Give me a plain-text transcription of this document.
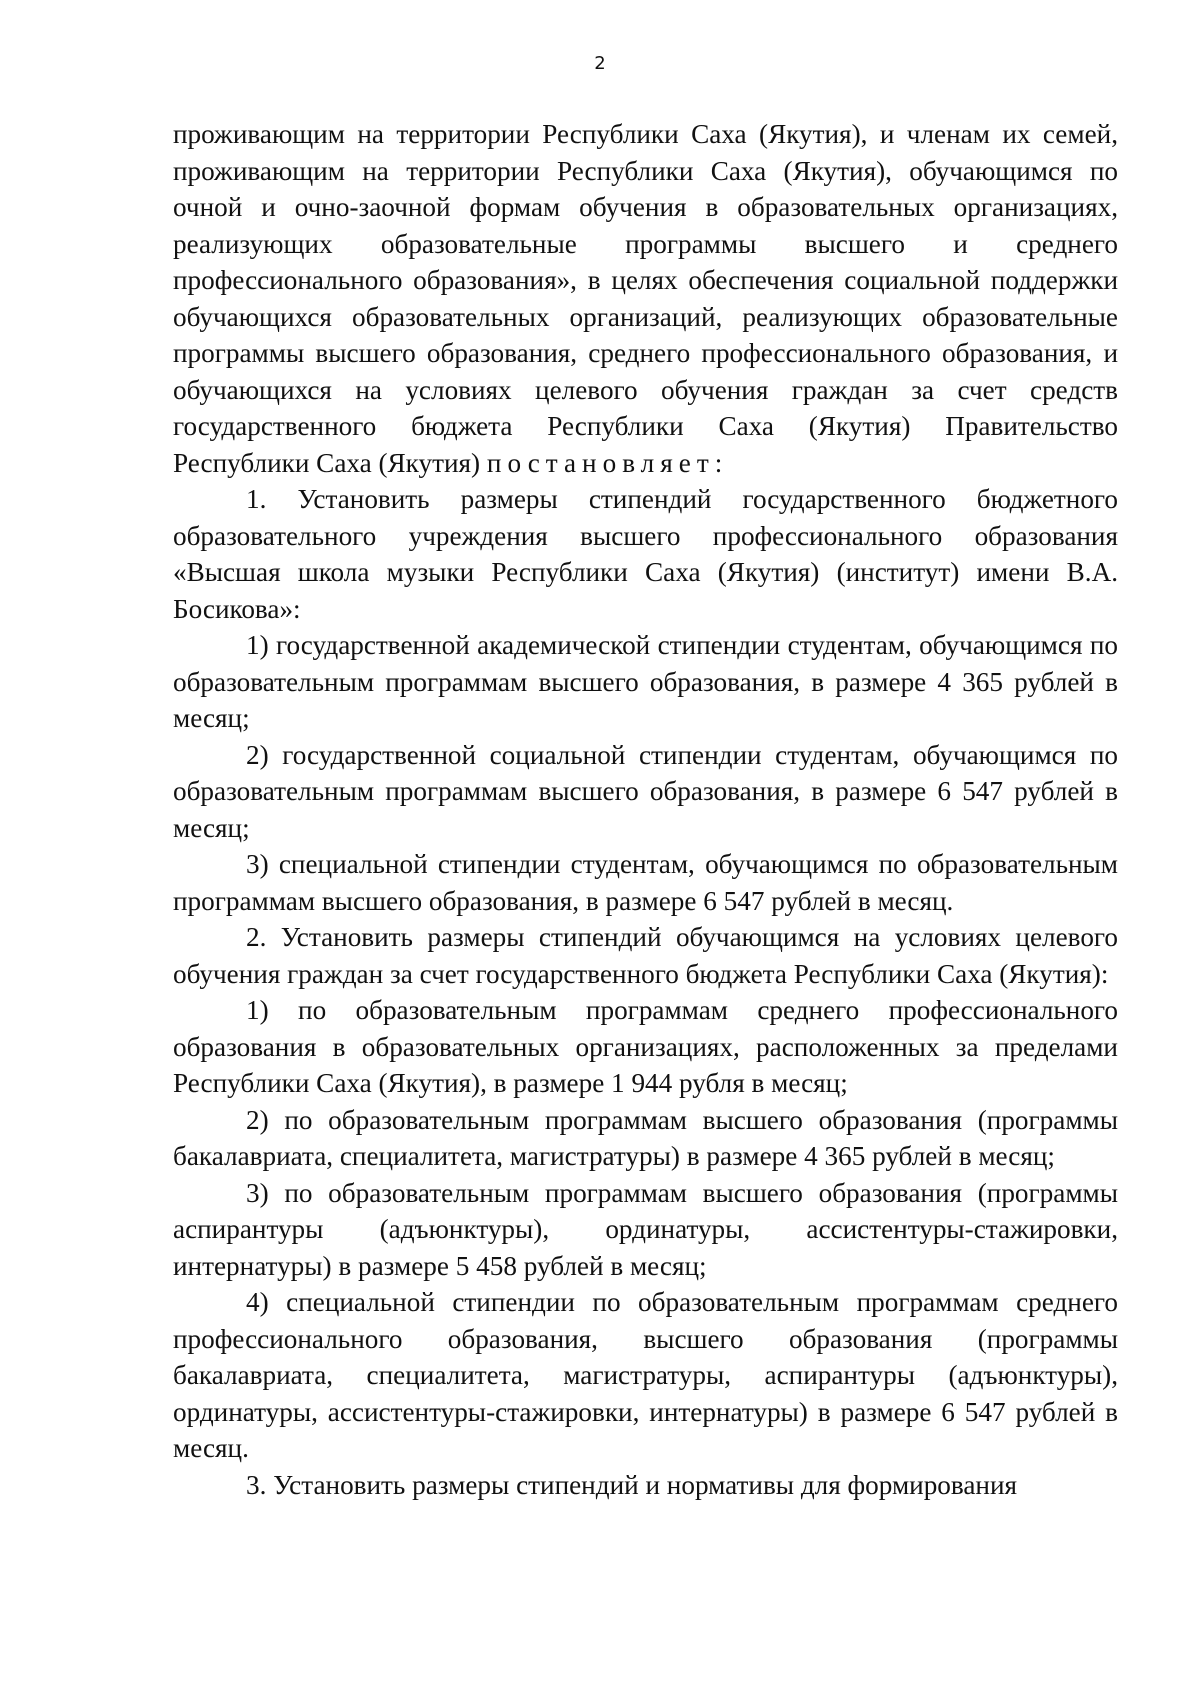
2

проживающим на территории Республики Саха (Якутия), и членам их семей, проживающим на территории Республики Саха (Якутия), обучающимся по очной и очно-заочной формам обучения в образовательных организациях, реализующих образовательные программы высшего и среднего профессионального образования», в целях обеспечения социальной поддержки обучающихся образовательных организаций, реализующих образовательные программы высшего образования, среднего профессионального образования, и обучающихся на условиях целевого обучения граждан за счет средств государственного бюджета Республики Саха (Якутия) Правительство Республики Саха (Якутия) постановляет:

1. Установить размеры стипендий государственного бюджетного образовательного учреждения высшего профессионального образования «Высшая школа музыки Республики Саха (Якутия) (институт) имени В.А. Босикова»:

1) государственной академической стипендии студентам, обучающимся по образовательным программам высшего образования, в размере 4 365 рублей в месяц;

2) государственной социальной стипендии студентам, обучающимся по образовательным программам высшего образования, в размере 6 547 рублей в месяц;

3) специальной стипендии студентам, обучающимся по образовательным программам высшего образования, в размере 6 547 рублей в месяц.

2. Установить размеры стипендий обучающимся на условиях целевого обучения граждан за счет государственного бюджета Республики Саха (Якутия):

1) по образовательным программам среднего профессионального образования в образовательных организациях, расположенных за пределами Республики Саха (Якутия), в размере 1 944 рубля в месяц;

2) по образовательным программам высшего образования (программы бакалавриата, специалитета, магистратуры) в размере 4 365 рублей в месяц;

3) по образовательным программам высшего образования (программы аспирантуры (адъюнктуры), ординатуры, ассистентуры-стажировки, интернатуры) в размере 5 458 рублей в месяц;

4) специальной стипендии по образовательным программам среднего профессионального образования, высшего образования (программы бакалавриата, специалитета, магистратуры, аспирантуры (адъюнктуры), ординатуры, ассистентуры-стажировки, интернатуры) в размере 6 547 рублей в месяц.

3. Установить размеры стипендий и нормативы для формирования
